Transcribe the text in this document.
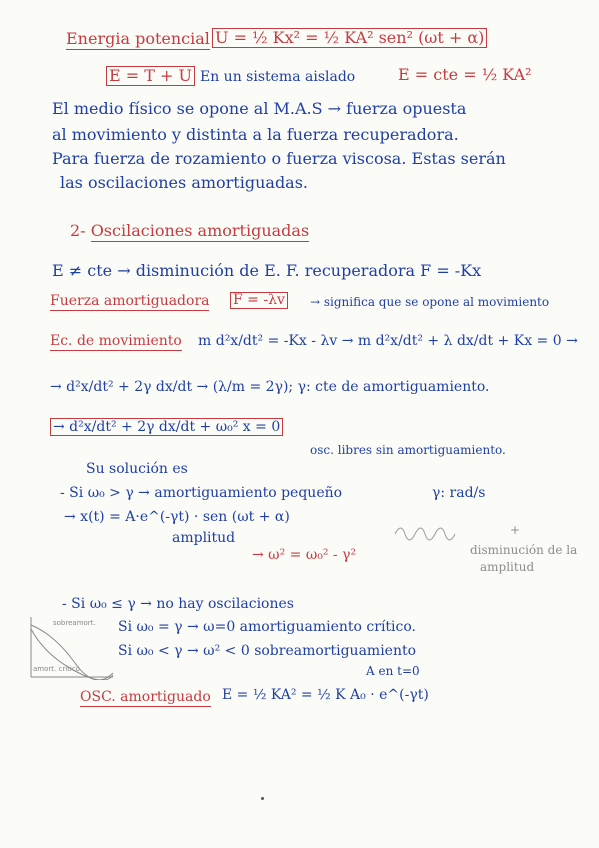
Energia potencial U = ½ Kx² = ½ KA² sen² (ωt + α)
E = T + U En un sistema aislado	E = cte = ½ KA²
El medio físico se opone al M.A.S → fuerza opuesta
al movimiento y distinta a la fuerza recuperadora.
Para fuerza de rozamiento o fuerza viscosa. Estas serán
las oscilaciones amortiguadas.
2- Oscilaciones amortiguadas
E ≠ cte → disminución de E. F. recuperadora F = -Kx
Fuerza amortiguadora F = -λv → significa que se opone al movimiento
Ec. de movimiento m d²x/dt² = -Kx - λv → m d²x/dt² + λ dx/dt + Kx = 0 →
→ d²x/dt² + 2γ dx/dt → (λ/m = 2γ); γ: cte de amortiguamiento.
→ d²x/dt² + 2γ dx/dt + ω₀² x = 0
osc. libres sin amortiguamiento.
Su solución es
- Si ω₀ > γ → amortiguamiento pequeño	γ: rad/s
→ x(t) = A·e^(-γt) · sen (ωt + α)
amplitud
→ ω² = ω₀² - γ²
+
disminución de la
amplitud
- Si ω₀ ≤ γ → no hay oscilaciones
Si ω₀ = γ → ω=0 amortiguamiento crítico.
Si ω₀ < γ → ω² < 0 sobreamortiguamiento
A en t=0
sobreamort.
amort. crítico
OSC. amortiguado E = ½ KA² = ½ K A₀ · e^(-γt)
